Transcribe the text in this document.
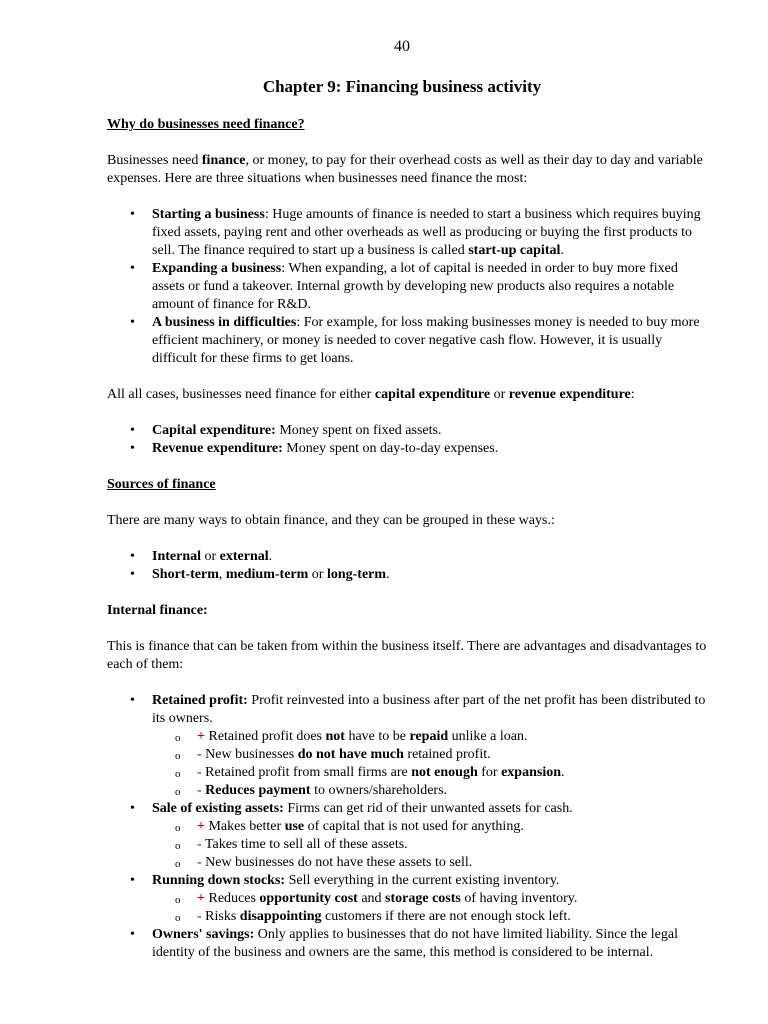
40
Chapter 9: Financing business activity

Why do businesses need finance?

Businesses need finance, or money, to pay for their overhead costs as well as their day to day and variable expenses. Here are three situations when businesses need finance the most:

• Starting a business: Huge amounts of finance is needed to start a business which requires buying fixed assets, paying rent and other overheads as well as producing or buying the first products to sell. The finance required to start up a business is called start-up capital.
• Expanding a business: When expanding, a lot of capital is needed in order to buy more fixed assets or fund a takeover. Internal growth by developing new products also requires a notable amount of finance for R&D.
• A business in difficulties: For example, for loss making businesses money is needed to buy more efficient machinery, or money is needed to cover negative cash flow. However, it is usually difficult for these firms to get loans.

All all cases, businesses need finance for either capital expenditure or revenue expenditure:

• Capital expenditure: Money spent on fixed assets.
• Revenue expenditure: Money spent on day-to-day expenses.

Sources of finance

There are many ways to obtain finance, and they can be grouped in these ways.:

• Internal or external.
• Short-term, medium-term or long-term.

Internal finance:

This is finance that can be taken from within the business itself. There are advantages and disadvantages to each of them:

• Retained profit: Profit reinvested into a business after part of the net profit has been distributed to its owners.
o + Retained profit does not have to be repaid unlike a loan.
o - New businesses do not have much retained profit.
o - Retained profit from small firms are not enough for expansion.
o - Reduces payment to owners/shareholders.
• Sale of existing assets: Firms can get rid of their unwanted assets for cash.
o + Makes better use of capital that is not used for anything.
o - Takes time to sell all of these assets.
o - New businesses do not have these assets to sell.
• Running down stocks: Sell everything in the current existing inventory.
o + Reduces opportunity cost and storage costs of having inventory.
o - Risks disappointing customers if there are not enough stock left.
• Owners' savings: Only applies to businesses that do not have limited liability. Since the legal identity of the business and owners are the same, this method is considered to be internal.
